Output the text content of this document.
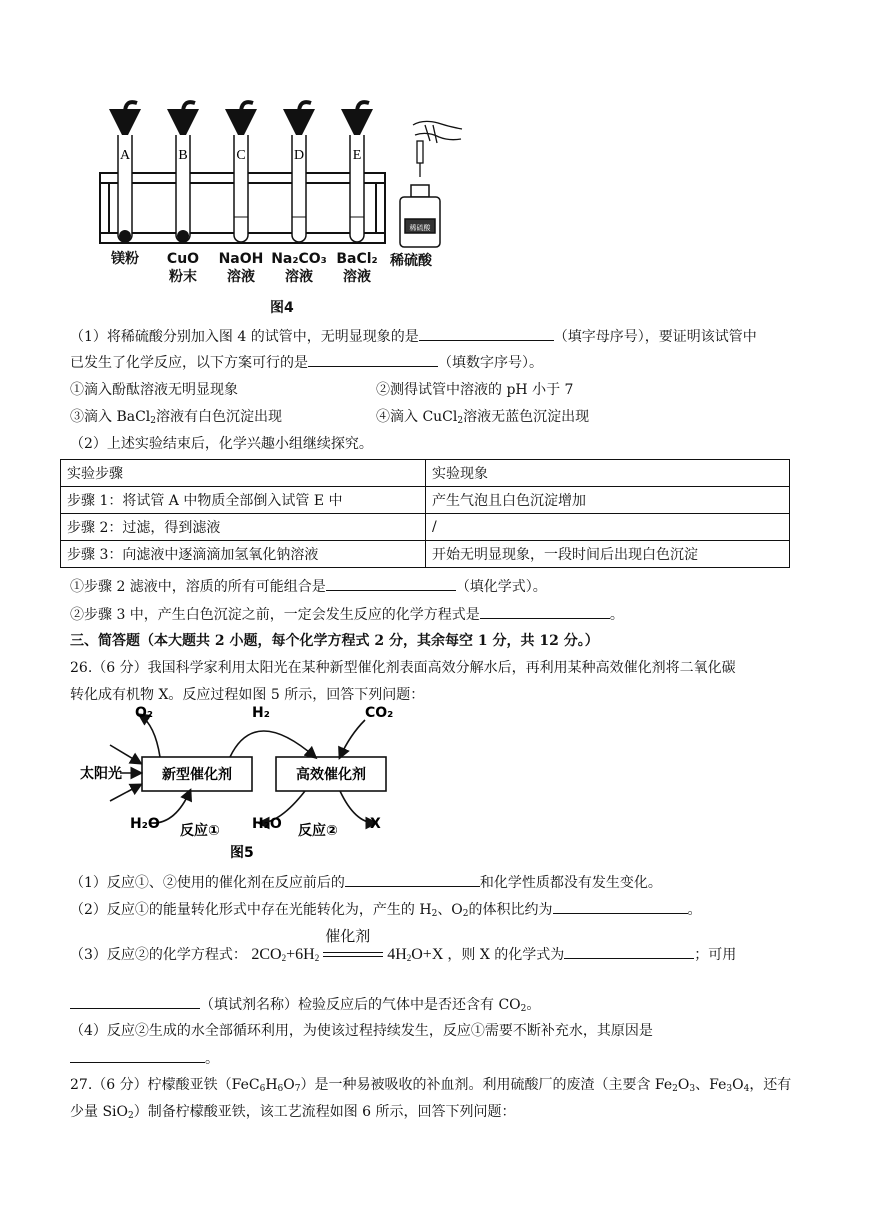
A	B	C	D	E
稀硫酸
镁粉	CuO
粉末
NaOH
溶液
Na₂CO₃
溶液
BaCl₂
溶液
稀硫酸
图4
（1）将稀硫酸分别加入图 4 的试管中，无明显现象的是	（填字母序号），要证明该试管中
已发生了化学反应，以下方案可行的是	（填数字序号）。
①滴入酚酞溶液无明显现象	②测得试管中溶液的 pH 小于 7
③滴入 BaCl$_2$溶液有白色沉淀出现	④滴入 CuCl$_2$溶液无蓝色沉淀出现
（2）上述实验结束后，化学兴趣小组继续探究。
实验步骤	实验现象
步骤 1：将试管 A 中物质全部倒入试管 E 中	产生气泡且白色沉淀增加
步骤 2：过滤，得到滤液	/
步骤 3：向滤液中逐滴滴加氢氧化钠溶液	开始无明显现象，一段时间后出现白色沉淀
①步骤 2 滤液中，溶质的所有可能组合是	（填化学式）。
②步骤 3 中，产生白色沉淀之前，一定会发生反应的化学方程式是	。
三、简答题（本大题共 2 小题，每个化学方程式 2 分，其余每空 1 分，共 12 分。）
26.（6 分）我国科学家利用太阳光在某种新型催化剂表面高效分解水后，再利用某种高效催化剂将二氧化碳
转化成有机物 X。反应过程如图 5 所示，回答下列问题：
O₂	H₂	CO₂
太阳光	新型催化剂	高效催化剂
H₂O 反应① H₂O 反应② X
图5
（1）反应①、②使用的催化剂在反应前后的	和化学性质都没有发生变化。
（2）反应①的能量转化形式中存在光能转化为，产生的 $H_2$、$O_2$的体积比约为	。
（3）反应②的化学方程式： $2CO_2+6H_2$
催化剂
$4H_2O+X$ ，则 X 的化学式为	；可用
（填试剂名称）检验反应后的气体中是否还含有 $CO_2$。
（4）反应②生成的水全部循环利用，为使该过程持续发生，反应①需要不断补充水，其原因是
。
27.（6 分）柠檬酸亚铁$(FeC_6H_6O_7)$是一种易被吸收的补血剂。利用硫酸厂的废渣（主要含 $Fe_2O_3$、$Fe_3O_4$，还有
少量 SiO$_2$）制备柠檬酸亚铁，该工艺流程如图 6 所示，回答下列问题：
